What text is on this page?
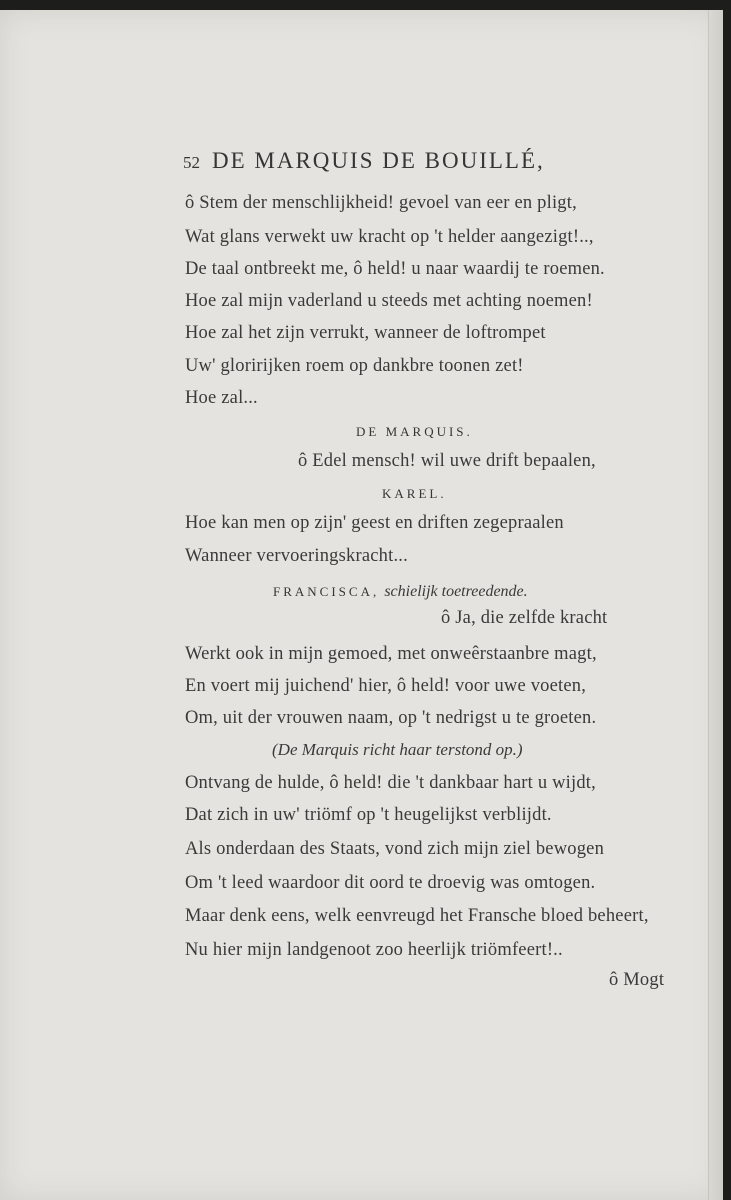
52 DE MARQUIS DE BOUILLÉ,
ô Stem der menschlijkheid! gevoel van eer en pligt,
Wat glans verwekt uw kracht op 't helder aangezigt!..,
De taal ontbreekt me, ô held! u naar waardij te roemen.
Hoe zal mijn vaderland u steeds met achting noemen!
Hoe zal het zijn verrukt, wanneer de loftrompet
Uw' gloririjken roem op dankbre toonen zet!
Hoe zal...
DE MARQUIS.
ô Edel mensch! wil uwe drift bepaalen,
KAREL.
Hoe kan men op zijn' geest en driften zegepraalen
Wanneer vervoeringskracht...
FRANCISCA, schielijk toetreedende.
ô Ja, die zelfde kracht
Werkt ook in mijn gemoed, met onweêrstaanbre magt,
En voert mij juichend' hier, ô held! voor uwe voeten,
Om, uit der vrouwen naam, op 't nedrigst u te groeten.
(De Marquis richt haar terstond op.)
Ontvang de hulde, ô held! die 't dankbaar hart u wijdt,
Dat zich in uw' triömf op 't heugelijkst verblijdt.
Als onderdaan des Staats, vond zich mijn ziel bewogen
Om 't leed waardoor dit oord te droevig was omtogen.
Maar denk eens, welk eenvreugd het Fransche bloed beheert,
Nu hier mijn landgenoot zoo heerlijk triömfeert!..
ô Mogt
